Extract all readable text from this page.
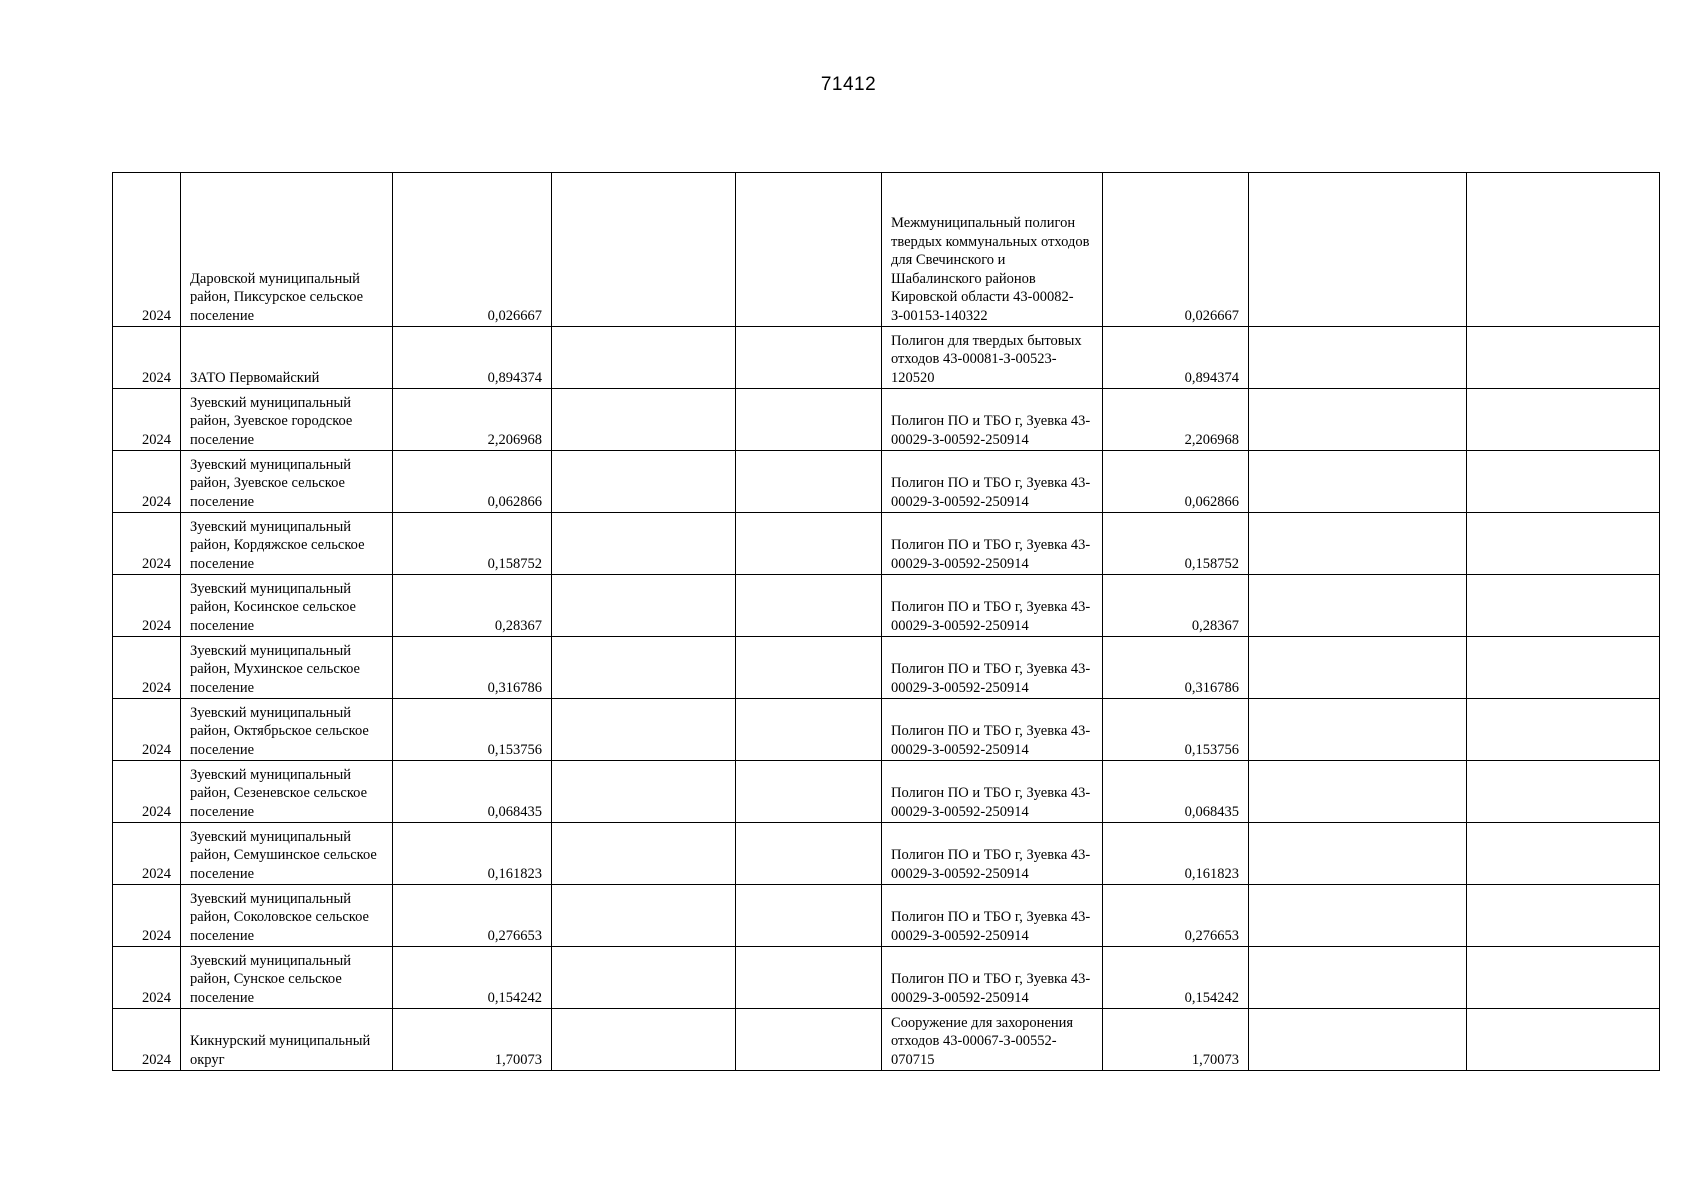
71412
2024	Даровской муниципальный район, Пиксурское сельское поселение	0,026667			Межмуниципальный полигон твердых коммунальных отходов для Свечинского и Шабалинского районов Кировской области 43-00082-З-00153-140322	0,026667		
2024	ЗАТО Первомайский	0,894374			Полигон для твердых бытовых отходов 43-00081-З-00523-120520	0,894374		
2024	Зуевский муниципальный район, Зуевское городское поселение	2,206968			Полигон ПО и ТБО г, Зуевка 43-00029-З-00592-250914	2,206968		
2024	Зуевский муниципальный район, Зуевское сельское поселение	0,062866			Полигон ПО и ТБО г, Зуевка 43-00029-З-00592-250914	0,062866		
2024	Зуевский муниципальный район, Кордяжское сельское поселение	0,158752			Полигон ПО и ТБО г, Зуевка 43-00029-З-00592-250914	0,158752		
2024	Зуевский муниципальный район, Косинское сельское поселение	0,28367			Полигон ПО и ТБО г, Зуевка 43-00029-З-00592-250914	0,28367		
2024	Зуевский муниципальный район, Мухинское сельское поселение	0,316786			Полигон ПО и ТБО г, Зуевка 43-00029-З-00592-250914	0,316786		
2024	Зуевский муниципальный район, Октябрьское сельское поселение	0,153756			Полигон ПО и ТБО г, Зуевка 43-00029-З-00592-250914	0,153756		
2024	Зуевский муниципальный район, Сезеневское сельское поселение	0,068435			Полигон ПО и ТБО г, Зуевка 43-00029-З-00592-250914	0,068435		
2024	Зуевский муниципальный район, Семушинское сельское поселение	0,161823			Полигон ПО и ТБО г, Зуевка 43-00029-З-00592-250914	0,161823		
2024	Зуевский муниципальный район, Соколовское сельское поселение	0,276653			Полигон ПО и ТБО г, Зуевка 43-00029-З-00592-250914	0,276653		
2024	Зуевский муниципальный район, Сунское сельское поселение	0,154242			Полигон ПО и ТБО г, Зуевка 43-00029-З-00592-250914	0,154242		
2024	Кикнурский муниципальный округ	1,70073			Сооружение для захоронения отходов 43-00067-З-00552-070715	1,70073		
